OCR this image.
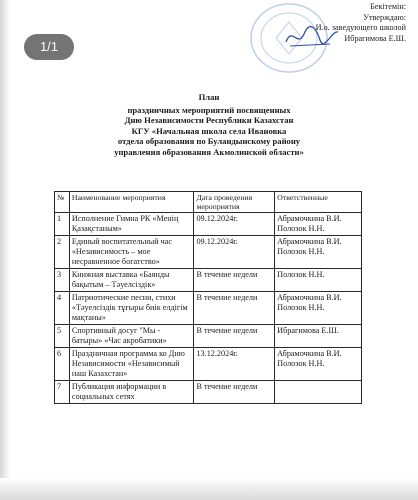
1/1
Бекітемін:
Утверждаю:
И.о. заведующего школой
Ибрагимова Е.Ш.
План
праздничных мероприятий посвященных
Дню Независимости Республики Казахстан
КГУ «Начальная школа села Ивановка
отдела образования по Буландынскому району
управления образования Акмолинской области»
№	Наименование мероприятия	Дата проведения мероприятия	Ответственные
1	Исполнение Гимна РК «Менің Қазақстаным»	09.12.2024г.	Абрамочкина В.И. Полозок Н.Н.
2	Единый воспитательный час «Независимость – мое несравненное богатство»	09.12.2024г.	Абрамочкина В.И. Полозок Н.Н.
3	Книжная выставка «Баянды бақытым – Тәуелсіздік»	В течение недели	Полозок Н.Н.
4	Патриотические песни, стихи «Тәуелсіздік тұғыры биік елдігім мақтаны»	В течение недели	Абрамочкина В.И. Полозок Н.Н.
5	Спортивный досуг "Мы - батыры» «Час акробатики»	В течение недели	Ибрагимова Е.Ш.
6	Праздничная программа ко Дню Независимости «Независимый наш Казахстан»	13.12.2024г.	Абрамочкина В.И. Полозок Н.Н.
7	Публикация информации в социальных сетях	В течение недели	
